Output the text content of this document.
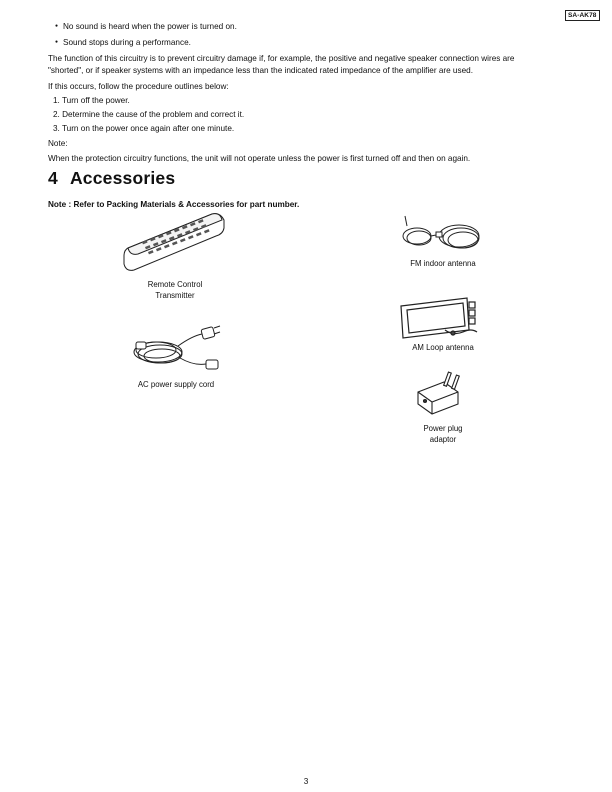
SA-AK78
● No sound is heard when the power is turned on.
● Sound stops during a performance.
The function of this circuitry is to prevent circuitry damage if, for example, the positive and negative speaker connection wires are
"shorted", or if speaker systems with an impedance less than the indicated rated impedance of the amplifier are used.
If this occurs, follow the procedure outlines below:
1. Turn off the power.
2. Determine the cause of the problem and correct it.
3. Turn on the power once again after one minute.
Note:
When the protection circuitry functions, the unit will not operate unless the power is first turned off and then on again.
4 Accessories
Note : Refer to Packing Materials & Accessories for part number.
Remote Control
Transmitter
FM indoor antenna
AM Loop antenna
AC power supply cord
Power plug
adaptor
3
